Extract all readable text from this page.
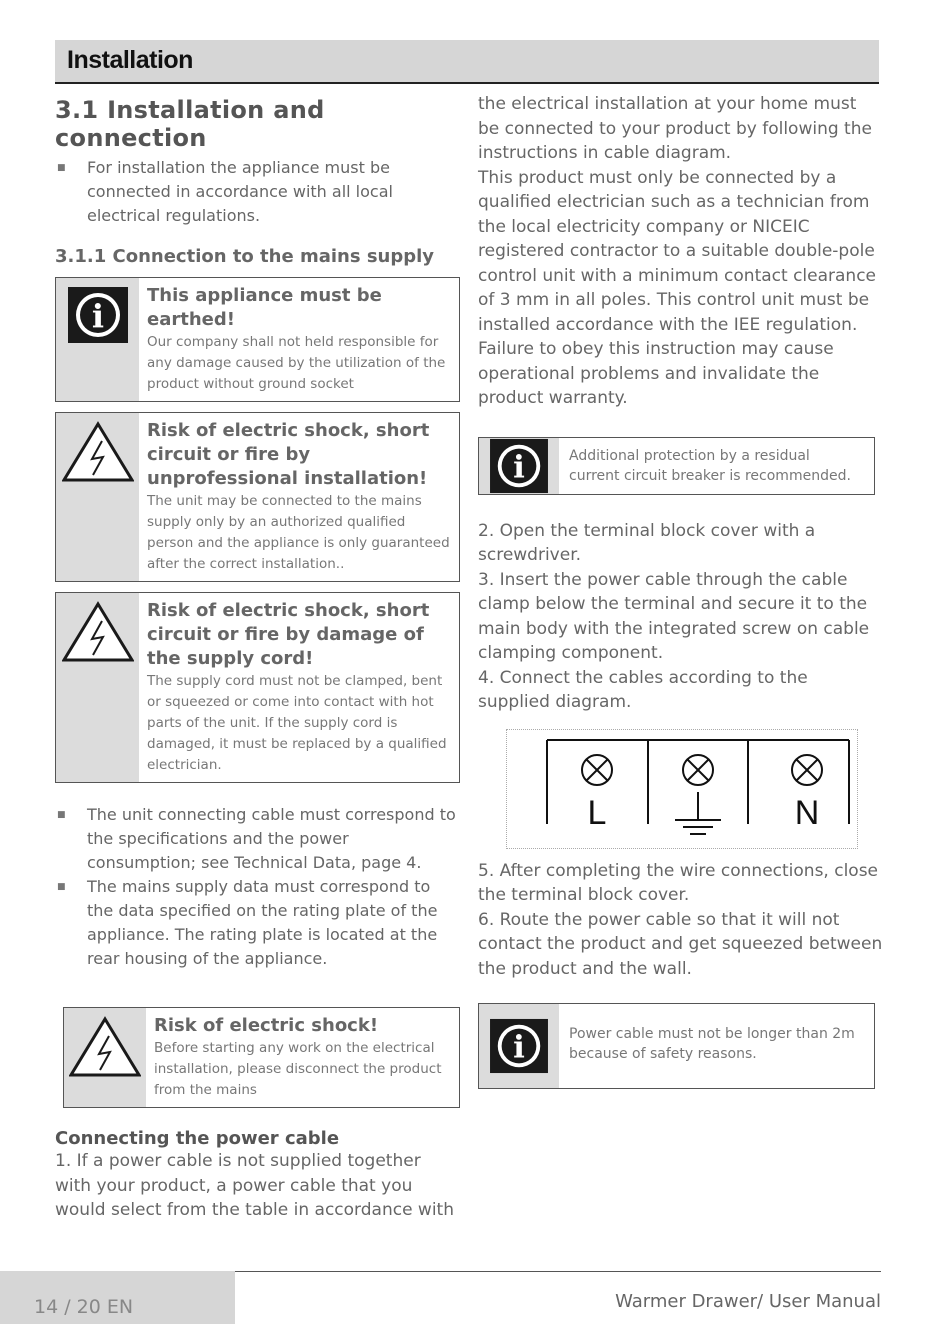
Installation
3.1 Installation and connection
■	For installation the appliance must be connected in accordance with all local electrical regulations.

3.1.1 Connection to the mains supply
i
This appliance must be earthed!
Our company shall not held responsible for any damage caused by the utilization of the product without ground socket
Risk of electric shock, short circuit or fire by unprofessional installation!
The unit may be connected to the mains supply only by an authorized qualified person and the appliance is only guaranteed after the correct installation..
Risk of electric shock, short circuit or fire by damage of the supply cord!
The supply cord must not be clamped, bent or squeezed or come into contact with hot parts of the unit. If the supply cord is damaged, it must be replaced by a qualified electrician.
■	The unit connecting cable must correspond to the specifications and the power consumption; see Technical Data, page 4.

■	The mains supply data must correspond to the data specified on the rating plate of the appliance. The rating plate is located at the rear housing of the appliance.

Risk of electric shock!
Before starting any work on the electrical installation, please disconnect the product from the mains
Connecting the power cable

1. If a power cable is not supplied together with your product, a power cable that you would select from the table in accordance with

the electrical installation at your home must be connected to your product by following the instructions in cable diagram.

This product must only be connected by a qualified electrician such as a technician from the local electricity company or NICEIC registered contractor to a suitable double-pole control unit with a minimum contact clearance of 3 mm in all poles. This control unit must be installed accordance with the IEE regulation. Failure to obey this instruction may cause operational problems and invalidate the product warranty.

i	Additional protection by a residual current circuit breaker is recommended.

2. Open the terminal block cover with a screwdriver.

3. Insert the power cable through the cable clamp below the terminal and secure it to the main body with the integrated screw on cable clamping component.

4. Connect the cables according to the supplied diagram.

L	N

5. After completing the wire connections, close the terminal block cover.

6. Route the power cable so that it will not contact the product and get squeezed between the product and the wall.

i	Power cable must not be longer than 2m because of safety reasons.
14 / 20 EN	Warmer Drawer/ User Manual
